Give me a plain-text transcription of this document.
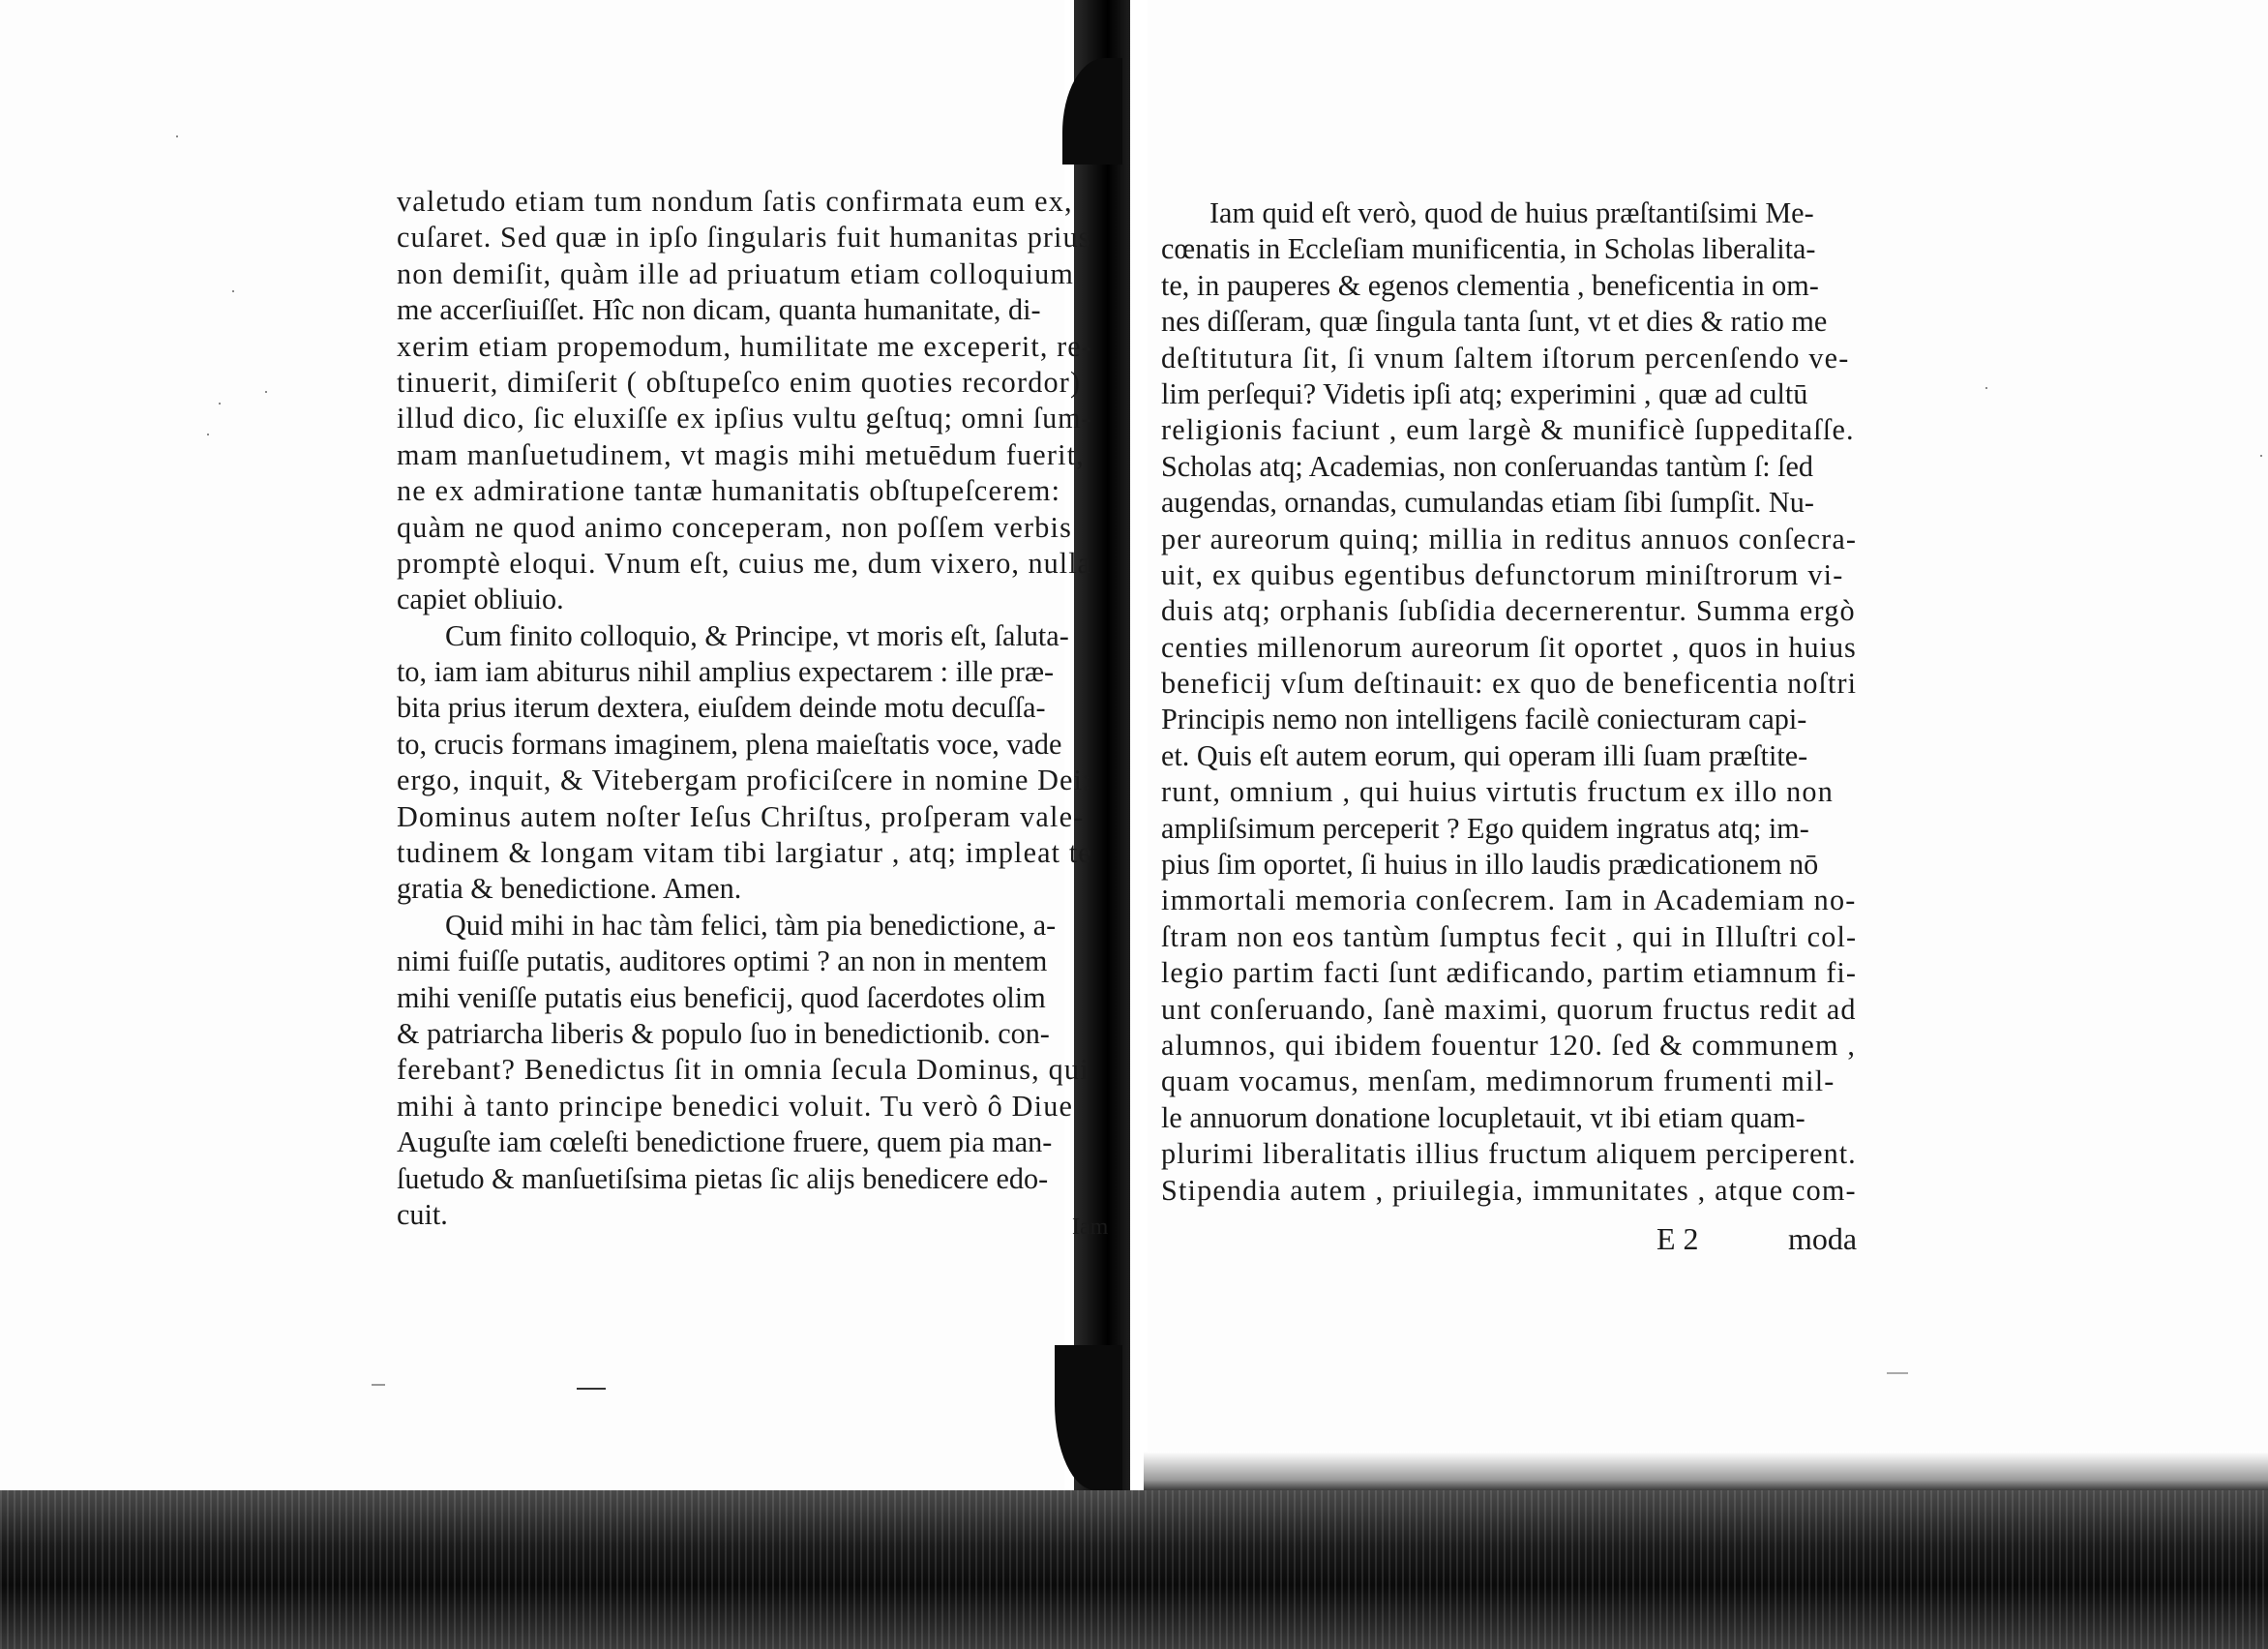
valetudo etiam tum nondum ſatis confirmata eum ex,
cuſaret. Sed quæ in ipſo ſingularis fuit humanitas prius
non demiſit, quàm ille ad priuatum etiam colloquium
me accerſiuiſſet. Hîc non dicam, quanta humanitate, di-
xerim etiam propemodum, humilitate me exceperit, re-
tinuerit, dimiſerit ( obſtupeſco enim quoties recordor)
illud dico, ſic eluxiſſe ex ipſius vultu geſtuq; omni ſum-
mam manſuetudinem, vt magis mihi metuēdum fuerit,
ne ex admiratione tantæ humanitatis obſtupeſcerem:
quàm ne quod animo conceperam, non poſſem verbis
promptè eloqui. Vnum eſt, cuius me, dum vixero, nulla
capiet obliuio.
Cum finito colloquio, & Principe, vt moris eſt, ſaluta-
to, iam iam abiturus nihil amplius expectarem : ille præ-
bita prius iterum dextera, eiuſdem deinde motu decuſſa-
to, crucis formans imaginem, plena maieſtatis voce, vade
ergo, inquit, & Vitebergam proficiſcere in nomine Dei:
Dominus autem noſter Ieſus Chriſtus, proſperam vale-
tudinem & longam vitam tibi largiatur , atq; impleat te
gratia & benedictione. Amen.
Quid mihi in hac tàm felici, tàm pia benedictione, a-
nimi fuiſſe putatis, auditores optimi ? an non in mentem
mihi veniſſe putatis eius beneficij, quod ſacerdotes olim
& patriarcha liberis & populo ſuo in benedictionib. con-
ferebant? Benedictus ſit in omnia ſecula Dominus, qui
mihi à tanto principe benedici voluit. Tu verò ô Diue
Auguſte iam cœleſti benedictione fruere, quem pia man-
ſuetudo & manſuetiſsima pietas ſic alijs benedicere edo-
cuit.	Iam
Iam quid eſt verò, quod de huius præſtantiſsimi Me-
cœnatis in Eccleſiam munificentia, in Scholas liberalita-
te, in pauperes & egenos clementia , beneficentia in om-
nes diſſeram, quæ ſingula tanta ſunt, vt et dies & ratio me
deſtitutura ſit, ſi vnum ſaltem iſtorum percenſendo ve-
lim perſequi? Videtis ipſi atq; experimini , quæ ad cultū
religionis faciunt , eum largè & munificè ſuppeditaſſe.
Scholas atq; Academias, non conſeruandas tantùm ſ: ſed
augendas, ornandas, cumulandas etiam ſibi ſumpſit. Nu-
per aureorum quinq; millia in reditus annuos conſecra-
uit, ex quibus egentibus defunctorum miniſtrorum vi-
duis atq; orphanis ſubſidia decernerentur. Summa ergò
centies millenorum aureorum ſit oportet , quos in huius
beneficij vſum deſtinauit: ex quo de beneficentia noſtri
Principis nemo non intelligens facilè coniecturam capi-
et. Quis eſt autem eorum, qui operam illi ſuam præſtite-
runt, omnium , qui huius virtutis fructum ex illo non
ampliſsimum perceperit ? Ego quidem ingratus atq; im-
pius ſim oportet, ſi huius in illo laudis prædicationem nō
immortali memoria conſecrem. Iam in Academiam no-
ſtram non eos tantùm ſumptus fecit , qui in Illuſtri col-
legio partim facti ſunt ædificando, partim etiamnum fi-
unt conſeruando, ſanè maximi, quorum fructus redit ad
alumnos, qui ibidem fouentur 120. ſed & communem ,
quam vocamus, menſam, medimnorum frumenti mil-
le annuorum donatione locupletauit, vt ibi etiam quam-
plurimi liberalitatis illius fructum aliquem perciperent.
Stipendia autem , priuilegia, immunitates , atque com-
E 2	moda
